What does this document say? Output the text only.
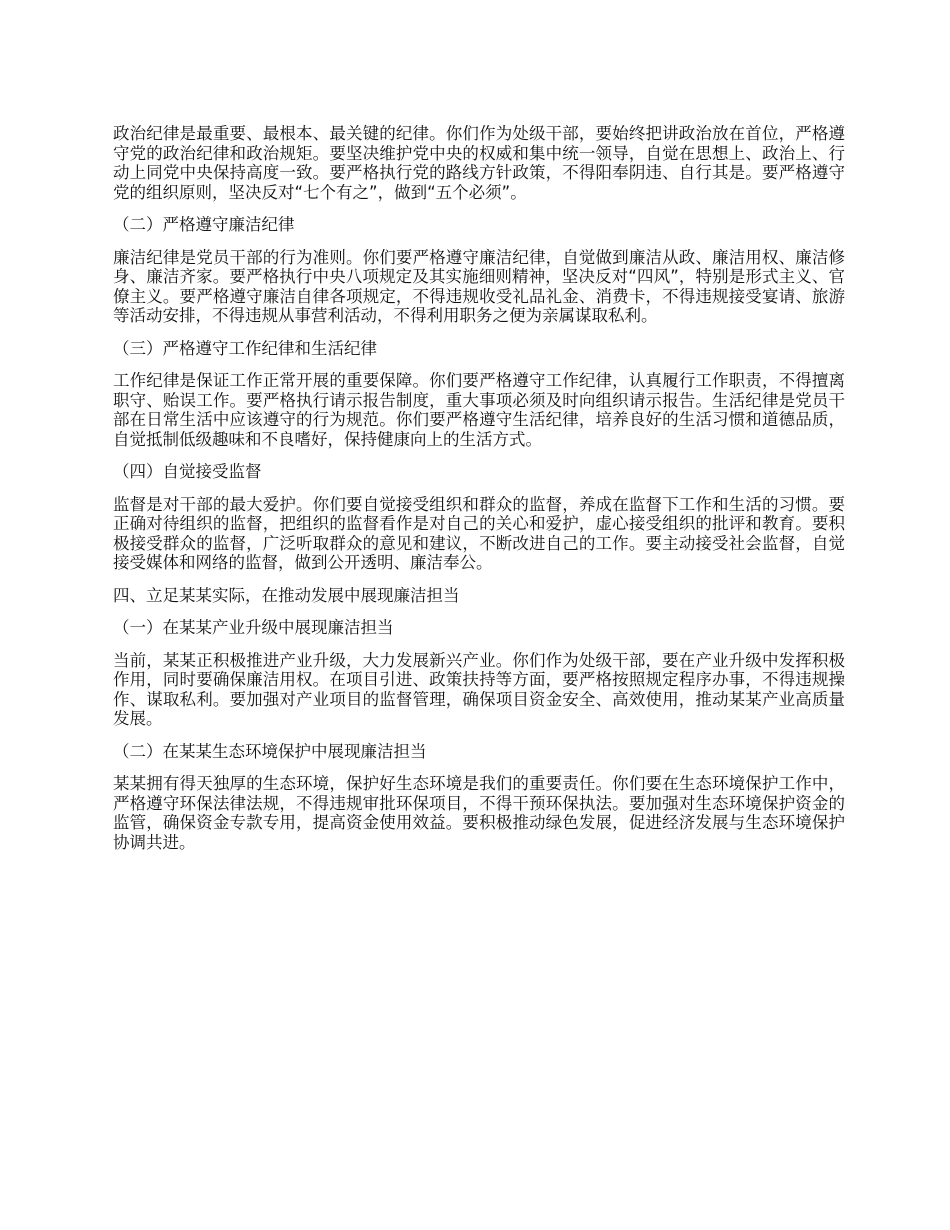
政治纪律是最重要、最根本、最关键的纪律。你们作为处级干部，要始终把讲政治放在首位，严格遵守党的政治纪律和政治规矩。要坚决维护党中央的权威和集中统一领导，自觉在思想上、政治上、行动上同党中央保持高度一致。要严格执行党的路线方针政策，不得阳奉阴违、自行其是。要严格遵守党的组织原则，坚决反对“七个有之”，做到“五个必须”。

（二）严格遵守廉洁纪律

廉洁纪律是党员干部的行为准则。你们要严格遵守廉洁纪律，自觉做到廉洁从政、廉洁用权、廉洁修身、廉洁齐家。要严格执行中央八项规定及其实施细则精神，坚决反对“四风”，特别是形式主义、官僚主义。要严格遵守廉洁自律各项规定，不得违规收受礼品礼金、消费卡，不得违规接受宴请、旅游等活动安排，不得违规从事营利活动，不得利用职务之便为亲属谋取私利。

（三）严格遵守工作纪律和生活纪律

工作纪律是保证工作正常开展的重要保障。你们要严格遵守工作纪律，认真履行工作职责，不得擅离职守、贻误工作。要严格执行请示报告制度，重大事项必须及时向组织请示报告。生活纪律是党员干部在日常生活中应该遵守的行为规范。你们要严格遵守生活纪律，培养良好的生活习惯和道德品质，自觉抵制低级趣味和不良嗜好，保持健康向上的生活方式。

（四）自觉接受监督

监督是对干部的最大爱护。你们要自觉接受组织和群众的监督，养成在监督下工作和生活的习惯。要正确对待组织的监督，把组织的监督看作是对自己的关心和爱护，虚心接受组织的批评和教育。要积极接受群众的监督，广泛听取群众的意见和建议，不断改进自己的工作。要主动接受社会监督，自觉接受媒体和网络的监督，做到公开透明、廉洁奉公。

四、立足某某实际，在推动发展中展现廉洁担当

（一）在某某产业升级中展现廉洁担当

当前，某某正积极推进产业升级，大力发展新兴产业。你们作为处级干部，要在产业升级中发挥积极作用，同时要确保廉洁用权。在项目引进、政策扶持等方面，要严格按照规定程序办事，不得违规操作、谋取私利。要加强对产业项目的监督管理，确保项目资金安全、高效使用，推动某某产业高质量发展。

（二）在某某生态环境保护中展现廉洁担当

某某拥有得天独厚的生态环境，保护好生态环境是我们的重要责任。你们要在生态环境保护工作中，严格遵守环保法律法规，不得违规审批环保项目，不得干预环保执法。要加强对生态环境保护资金的监管，确保资金专款专用，提高资金使用效益。要积极推动绿色发展，促进经济发展与生态环境保护协调共进。
